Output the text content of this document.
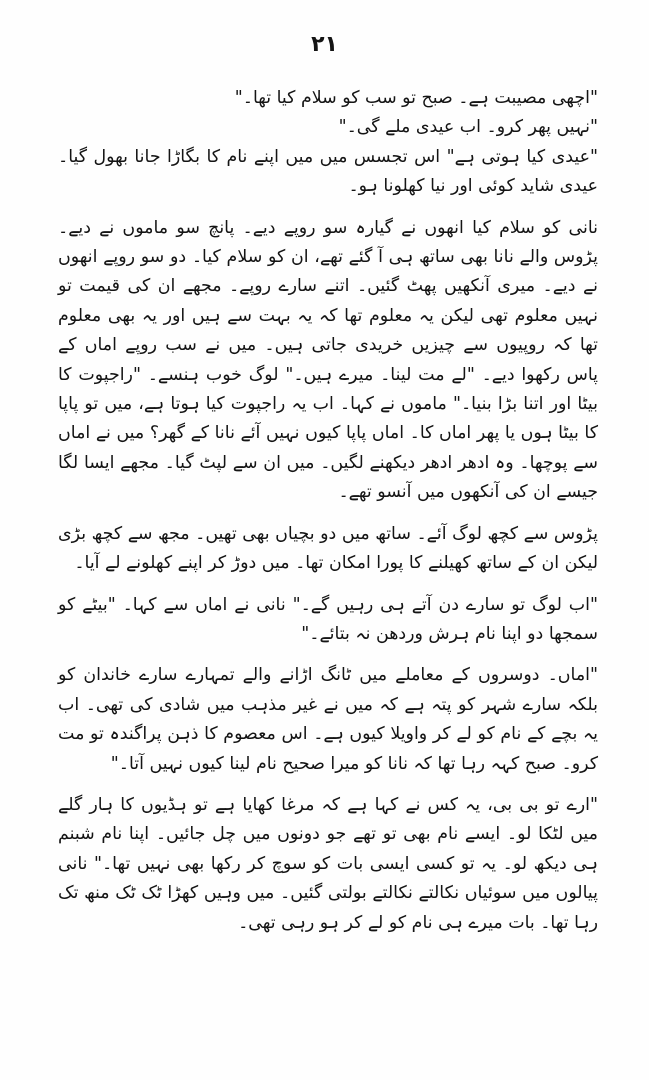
٢١

"اچھی مصیبت ہے۔ صبح تو سب کو سلام کیا تھا۔"

"نہیں پھر کرو۔ اب عیدی ملے گی۔"

"عیدی کیا ہوتی ہے" اس تجسس میں میں اپنے نام کا بگاڑا جانا بھول گیا۔ عیدی شاید کوئی اور نیا کھلونا ہو۔

نانی کو سلام کیا انھوں نے گیارہ سو روپے دیے۔ پانچ سو ماموں نے دیے۔ پڑوس والے نانا بھی ساتھ ہی آ گئے تھے، ان کو سلام کیا۔ دو سو روپے انھوں نے دیے۔ میری آنکھیں پھٹ گئیں۔ اتنے سارے روپے۔ مجھے ان کی قیمت تو نہیں معلوم تھی لیکن یہ معلوم تھا کہ یہ بہت سے ہیں اور یہ بھی معلوم تھا کہ روپیوں سے چیزیں خریدی جاتی ہیں۔ میں نے سب روپے اماں کے پاس رکھوا دیے۔ "لے مت لینا۔ میرے ہیں۔" لوگ خوب ہنسے۔ "راجپوت کا بیٹا اور اتنا بڑا بنیا۔" ماموں نے کہا۔ اب یہ راجپوت کیا ہوتا ہے، میں تو پاپا کا بیٹا ہوں یا پھر اماں کا۔ اماں پاپا کیوں نہیں آئے نانا کے گھر؟ میں نے اماں سے پوچھا۔ وہ ادھر ادھر دیکھنے لگیں۔ میں ان سے لپٹ گیا۔ مجھے ایسا لگا جیسے ان کی آنکھوں میں آنسو تھے۔

پڑوس سے کچھ لوگ آئے۔ ساتھ میں دو بچیاں بھی تھیں۔ مجھ سے کچھ بڑی لیکن ان کے ساتھ کھیلنے کا پورا امکان تھا۔ میں دوڑ کر اپنے کھلونے لے آیا۔

"اب لوگ تو سارے دن آتے ہی رہیں گے۔" نانی نے اماں سے کہا۔ "بیٹے کو سمجھا دو اپنا نام ہرش وردھن نہ بتائے۔"

"اماں۔ دوسروں کے معاملے میں ٹانگ اڑانے والے تمہارے سارے خاندان کو بلکہ سارے شہر کو پتہ ہے کہ میں نے غیر مذہب میں شادی کی تھی۔ اب یہ بچے کے نام کو لے کر واویلا کیوں ہے۔ اس معصوم کا ذہن پراگندہ تو مت کرو۔ صبح کہہ رہا تھا کہ نانا کو میرا صحیح نام لینا کیوں نہیں آتا۔"

"ارے تو بی بی، یہ کس نے کہا ہے کہ مرغا کھایا ہے تو ہڈیوں کا ہار گلے میں لٹکا لو۔ ایسے نام بھی تو تھے جو دونوں میں چل جائیں۔ اپنا نام شبنم ہی دیکھ لو۔ یہ تو کسی ایسی بات کو سوچ کر رکھا بھی نہیں تھا۔" نانی پیالوں میں سوئیاں نکالتے نکالتے بولتی گئیں۔ میں وہیں کھڑا ٹک ٹک منھ تک رہا تھا۔ بات میرے ہی نام کو لے کر ہو رہی تھی۔
